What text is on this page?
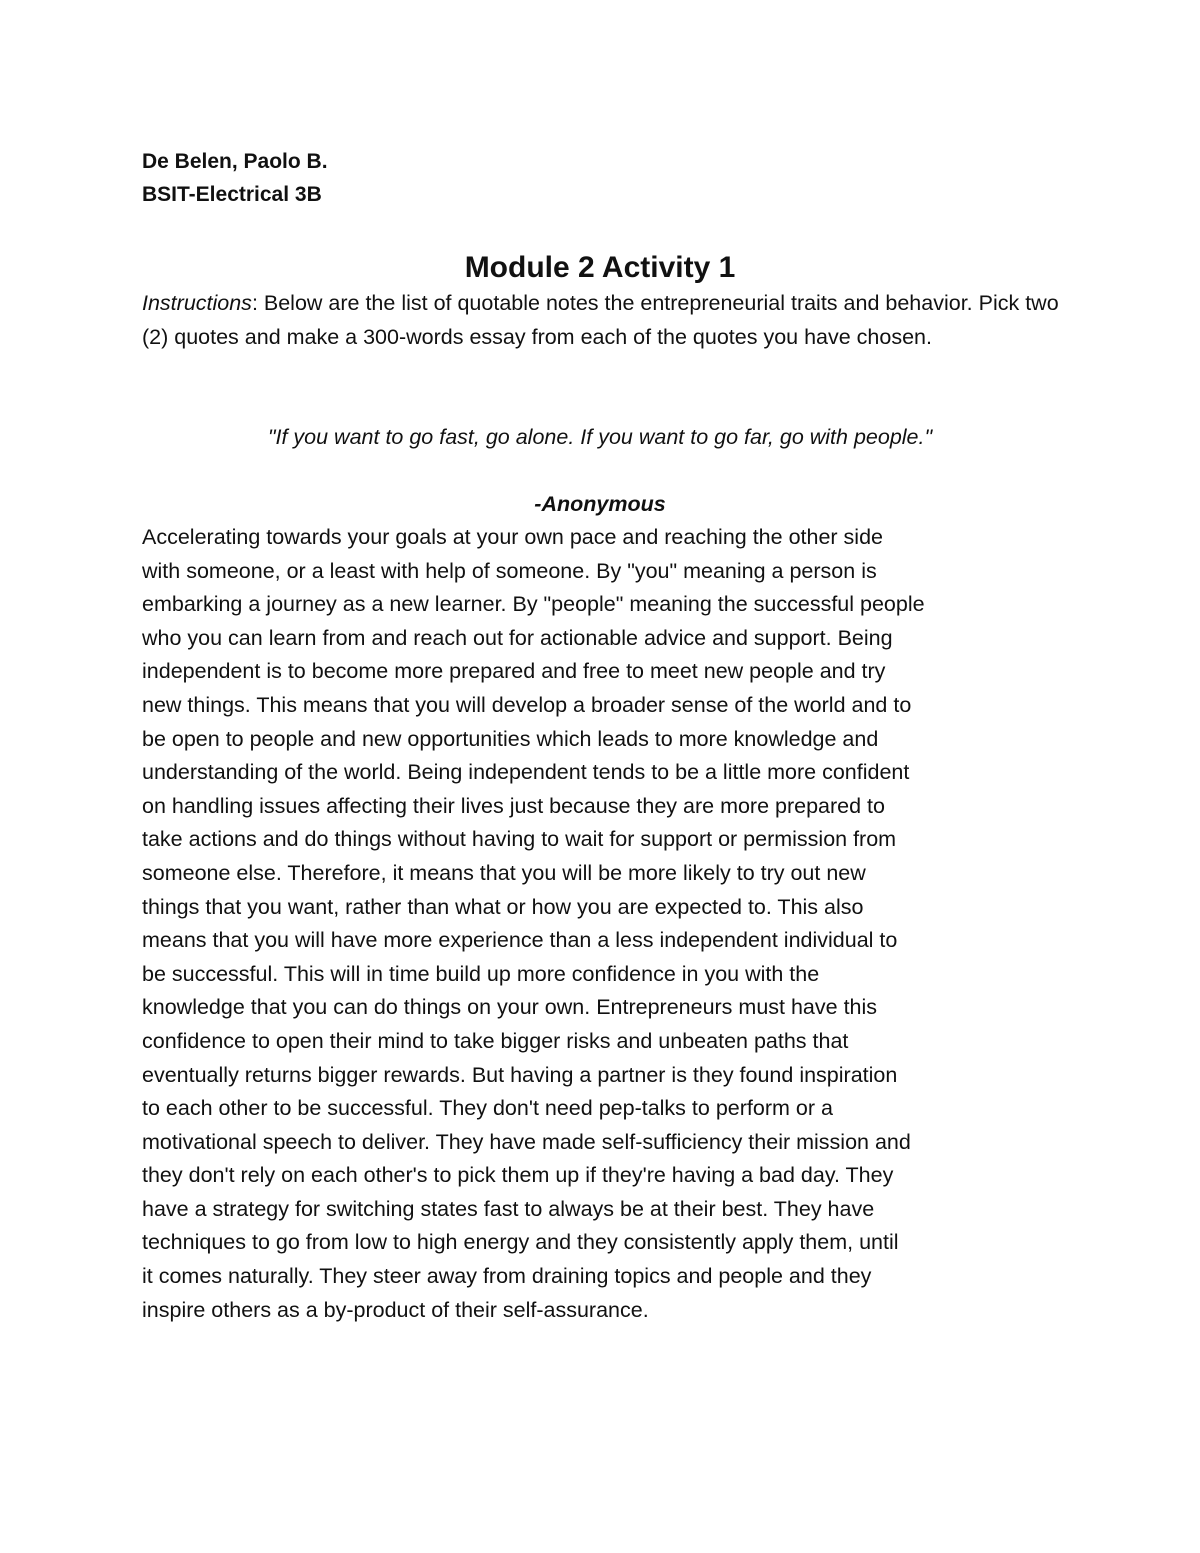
De Belen, Paolo B.

BSIT-Electrical 3B

Module 2 Activity 1

Instructions: Below are the list of quotable notes the entrepreneurial traits and behavior. Pick two (2) quotes and make a 300-words essay from each of the quotes you have chosen.

"If you want to go fast, go alone. If you want to go far, go with people."

-Anonymous

Accelerating towards your goals at your own pace and reaching the other side
with someone, or a least with help of someone. By "you" meaning a person is
embarking a journey as a new learner. By "people" meaning the successful people
who you can learn from and reach out for actionable advice and support. Being
independent is to become more prepared and free to meet new people and try
new things. This means that you will develop a broader sense of the world and to
be open to people and new opportunities which leads to more knowledge and
understanding of the world. Being independent tends to be a little more confident
on handling issues affecting their lives just because they are more prepared to
take actions and do things without having to wait for support or permission from
someone else. Therefore, it means that you will be more likely to try out new
things that you want, rather than what or how you are expected to. This also
means that you will have more experience than a less independent individual to
be successful. This will in time build up more confidence in you with the
knowledge that you can do things on your own. Entrepreneurs must have this
confidence to open their mind to take bigger risks and unbeaten paths that
eventually returns bigger rewards. But having a partner is they found inspiration
to each other to be successful. They don't need pep-talks to perform or a
motivational speech to deliver. They have made self-sufficiency their mission and
they don't rely on each other's to pick them up if they're having a bad day. They
have a strategy for switching states fast to always be at their best. They have
techniques to go from low to high energy and they consistently apply them, until
it comes naturally. They steer away from draining topics and people and they
inspire others as a by-product of their self-assurance.
